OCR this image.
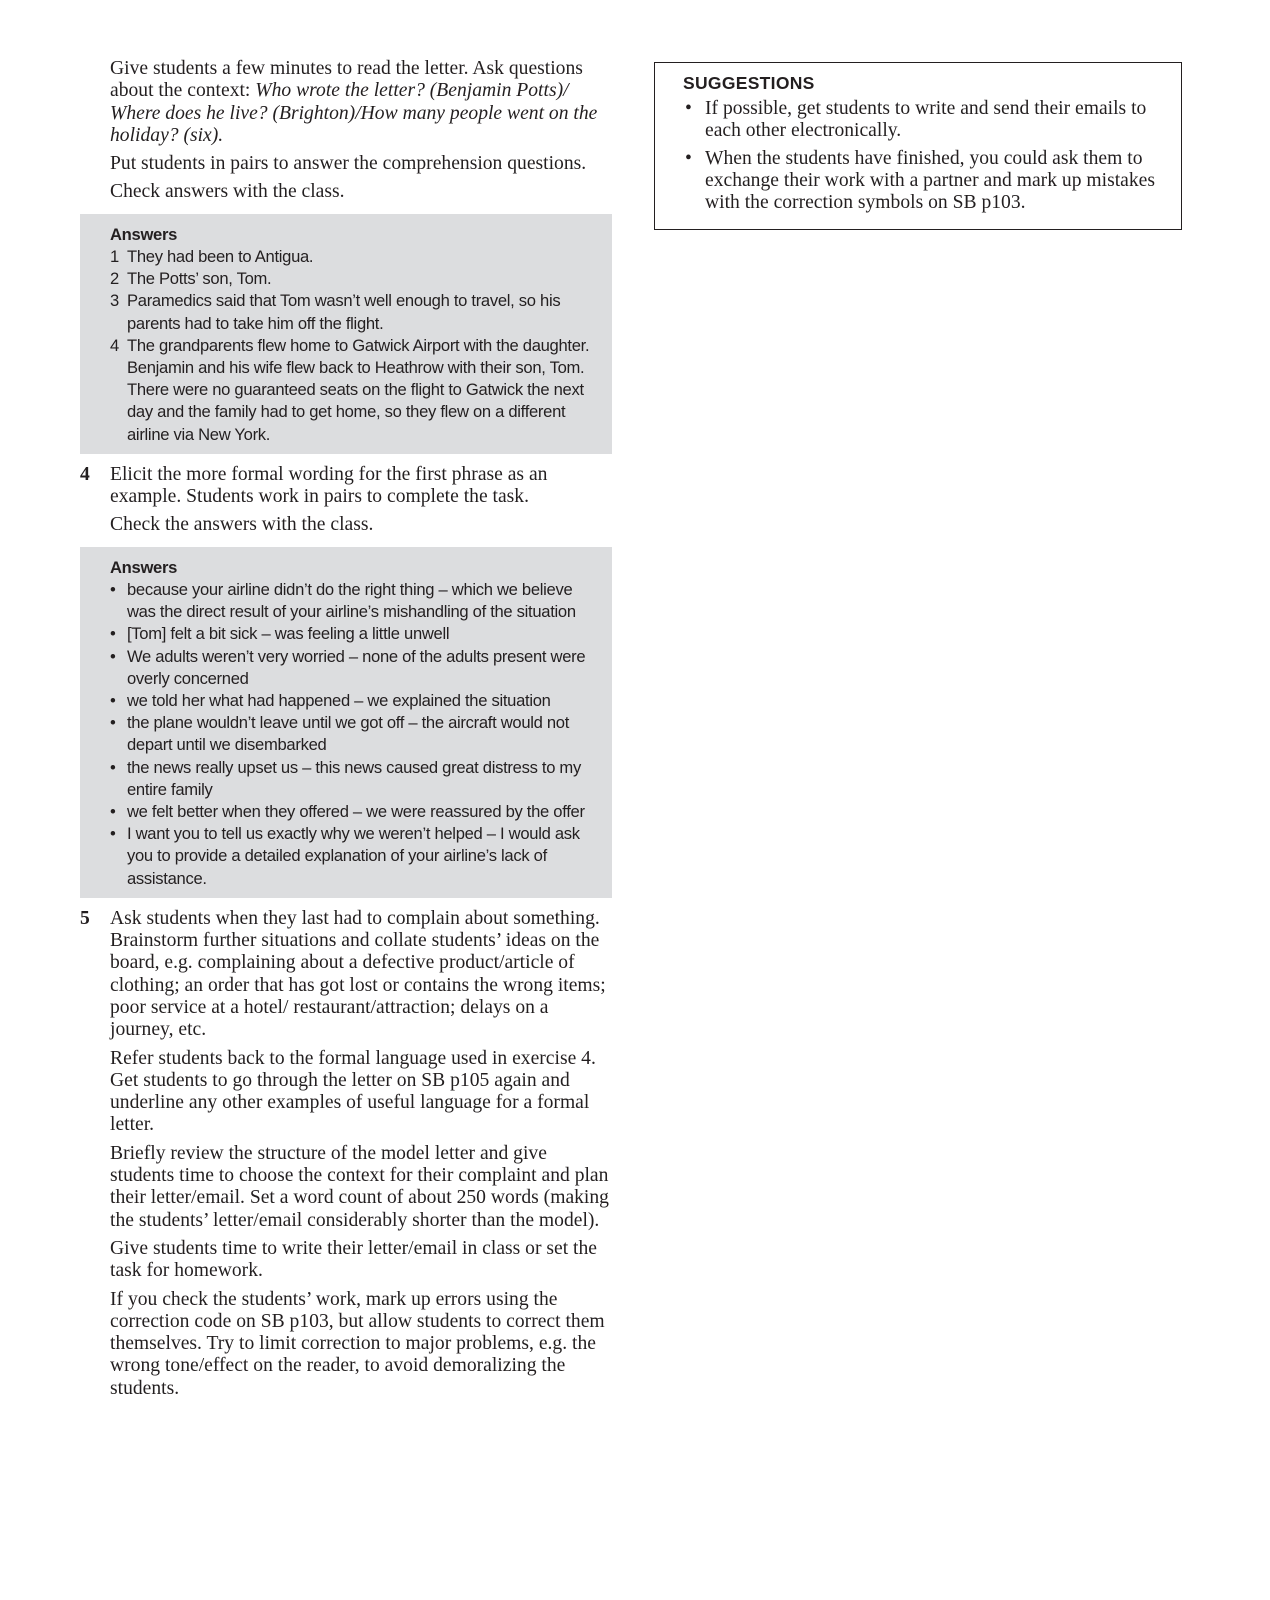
Give students a few minutes to read the letter. Ask questions about the context: Who wrote the letter? (Benjamin Potts)/ Where does he live? (Brighton)/How many people went on the holiday? (six).

Put students in pairs to answer the comprehension questions.

Check answers with the class.

Answers

1 They had been to Antigua.
2 The Potts’ son, Tom.
3 Paramedics said that Tom wasn’t well enough to travel, so his parents had to take him off the flight.
4 The grandparents flew home to Gatwick Airport with the daughter. Benjamin and his wife flew back to Heathrow with their son, Tom. There were no guaranteed seats on the flight to Gatwick the next day and the family had to get home, so they flew on a different airline via New York.
4 Elicit the more formal wording for the first phrase as an example. Students work in pairs to complete the task.

Check the answers with the class.

Answers

• because your airline didn’t do the right thing – which we believe was the direct result of your airline’s mishandling of the situation
• [Tom] felt a bit sick – was feeling a little unwell
• We adults weren’t very worried – none of the adults present were overly concerned
• we told her what had happened – we explained the situation
• the plane wouldn’t leave until we got off – the aircraft would not depart until we disembarked
• the news really upset us – this news caused great distress to my entire family
• we felt better when they offered – we were reassured by the offer
• I want you to tell us exactly why we weren’t helped – I would ask you to provide a detailed explanation of your airline’s lack of assistance.
5 Ask students when they last had to complain about something. Brainstorm further situations and collate students’ ideas on the board, e.g. complaining about a defective product/article of clothing; an order that has got lost or contains the wrong items; poor service at a hotel/ restaurant/attraction; delays on a journey, etc.

Refer students back to the formal language used in exercise 4. Get students to go through the letter on SB p105 again and underline any other examples of useful language for a formal letter.

Briefly review the structure of the model letter and give students time to choose the context for their complaint and plan their letter/email. Set a word count of about 250 words (making the students’ letter/email considerably shorter than the model).

Give students time to write their letter/email in class or set the task for homework.

If you check the students’ work, mark up errors using the correction code on SB p103, but allow students to correct them themselves. Try to limit correction to major problems, e.g. the wrong tone/effect on the reader, to avoid demoralizing the students.

SUGGESTIONS

• If possible, get students to write and send their emails to each other electronically.
• When the students have finished, you could ask them to exchange their work with a partner and mark up mistakes with the correction symbols on SB p103.
